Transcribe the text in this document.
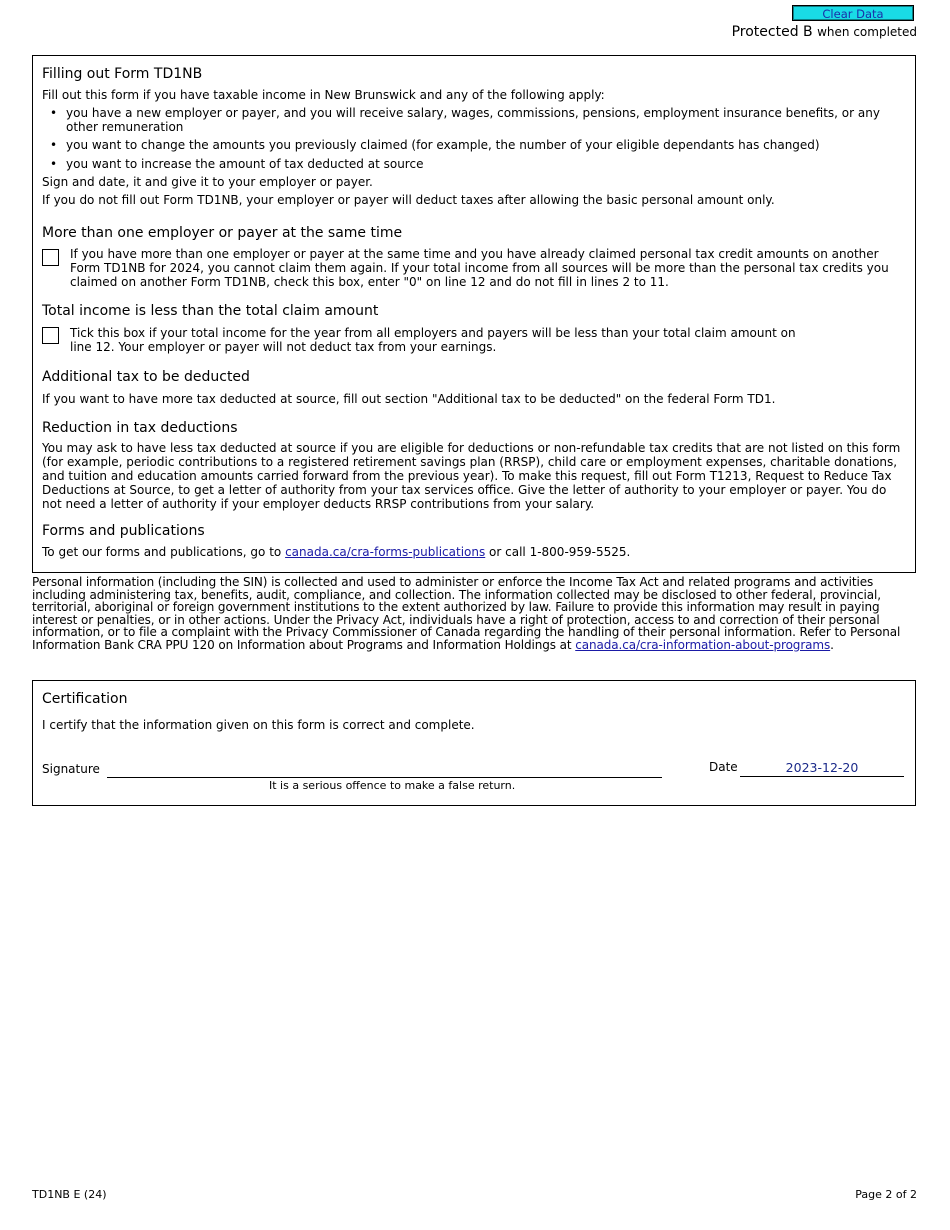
Clear Data
Protected B when completed
Filling out Form TD1NB
Fill out this form if you have taxable income in New Brunswick and any of the following apply:
• you have a new employer or payer, and you will receive salary, wages, commissions, pensions, employment insurance benefits, or any other remuneration
• you want to change the amounts you previously claimed (for example, the number of your eligible dependants has changed)
• you want to increase the amount of tax deducted at source
Sign and date, it and give it to your employer or payer.
If you do not fill out Form TD1NB, your employer or payer will deduct taxes after allowing the basic personal amount only.
More than one employer or payer at the same time
If you have more than one employer or payer at the same time and you have already claimed personal tax credit amounts on another Form TD1NB for 2024, you cannot claim them again. If your total income from all sources will be more than the personal tax credits you claimed on another Form TD1NB, check this box, enter "0" on line 12 and do not fill in lines 2 to 11.
Total income is less than the total claim amount
Tick this box if your total income for the year from all employers and payers will be less than your total claim amount on line 12. Your employer or payer will not deduct tax from your earnings.
Additional tax to be deducted
If you want to have more tax deducted at source, fill out section "Additional tax to be deducted" on the federal Form TD1.
Reduction in tax deductions
You may ask to have less tax deducted at source if you are eligible for deductions or non-refundable tax credits that are not listed on this form (for example, periodic contributions to a registered retirement savings plan (RRSP), child care or employment expenses, charitable donations, and tuition and education amounts carried forward from the previous year). To make this request, fill out Form T1213, Request to Reduce Tax Deductions at Source, to get a letter of authority from your tax services office. Give the letter of authority to your employer or payer. You do not need a letter of authority if your employer deducts RRSP contributions from your salary.
Forms and publications
To get our forms and publications, go to canada.ca/cra-forms-publications or call 1-800-959-5525.
Personal information (including the SIN) is collected and used to administer or enforce the Income Tax Act and related programs and activities including administering tax, benefits, audit, compliance, and collection. The information collected may be disclosed to other federal, provincial, territorial, aboriginal or foreign government institutions to the extent authorized by law. Failure to provide this information may result in paying interest or penalties, or in other actions. Under the Privacy Act, individuals have a right of protection, access to and correction of their personal information, or to file a complaint with the Privacy Commissioner of Canada regarding the handling of their personal information. Refer to Personal Information Bank CRA PPU 120 on Information about Programs and Information Holdings at canada.ca/cra-information-about-programs.
Certification
I certify that the information given on this form is correct and complete.
Signature
It is a serious offence to make a false return.
Date	2023-12-20
TD1NB E (24)	Page 2 of 2
